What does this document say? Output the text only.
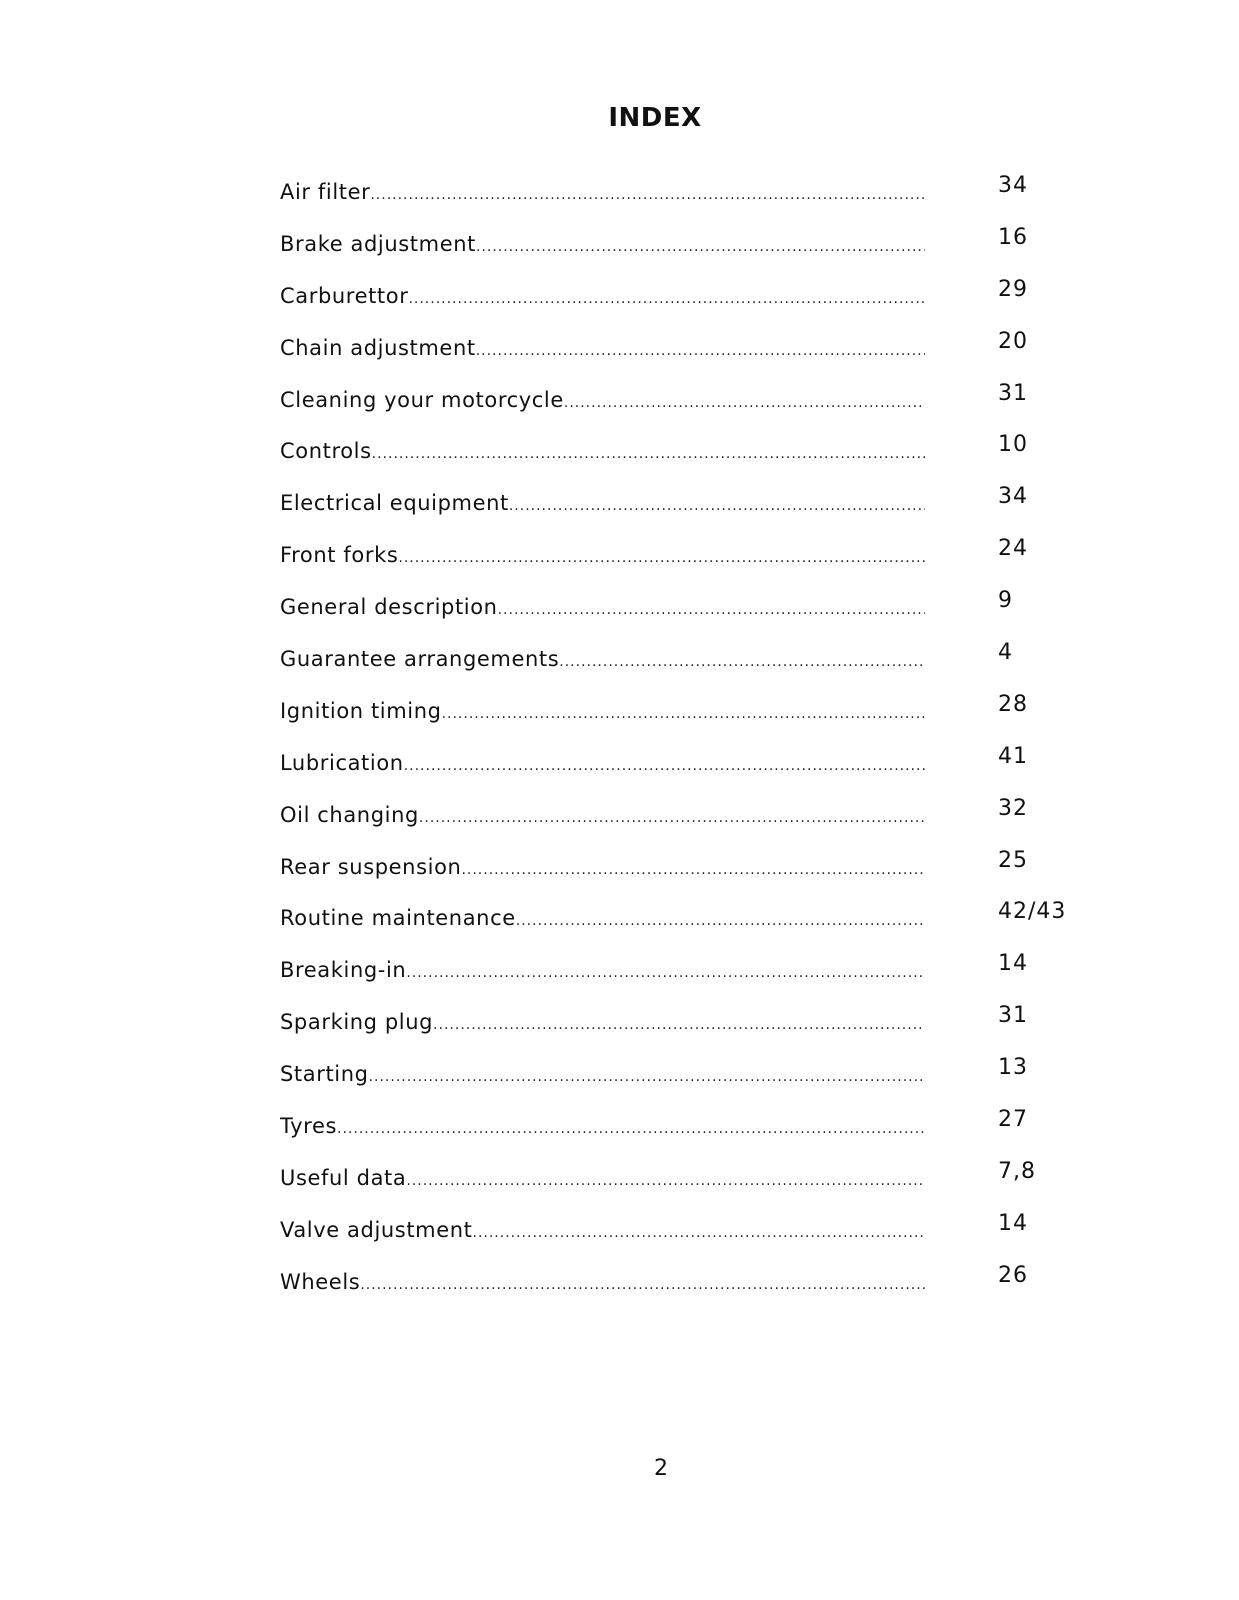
INDEX
Air filter .....	34
Brake adjustment .....	16
Carburettor .....	29
Chain adjustment .....	20
Cleaning your motorcycle .....	31
Controls .....	10
Electrical equipment .....	34
Front forks .....	24
General description .....	9
Guarantee arrangements .....	4
Ignition timing .....	28
Lubrication .....	41
Oil changing .....	32
Rear suspension .....	25
Routine maintenance .....	42/43
Breaking-in .....	14
Sparking plug .....	31
Starting .....	13
Tyres .....	27
Useful data .....	7,8
Valve adjustment .....	14
Wheels .....	26
2
